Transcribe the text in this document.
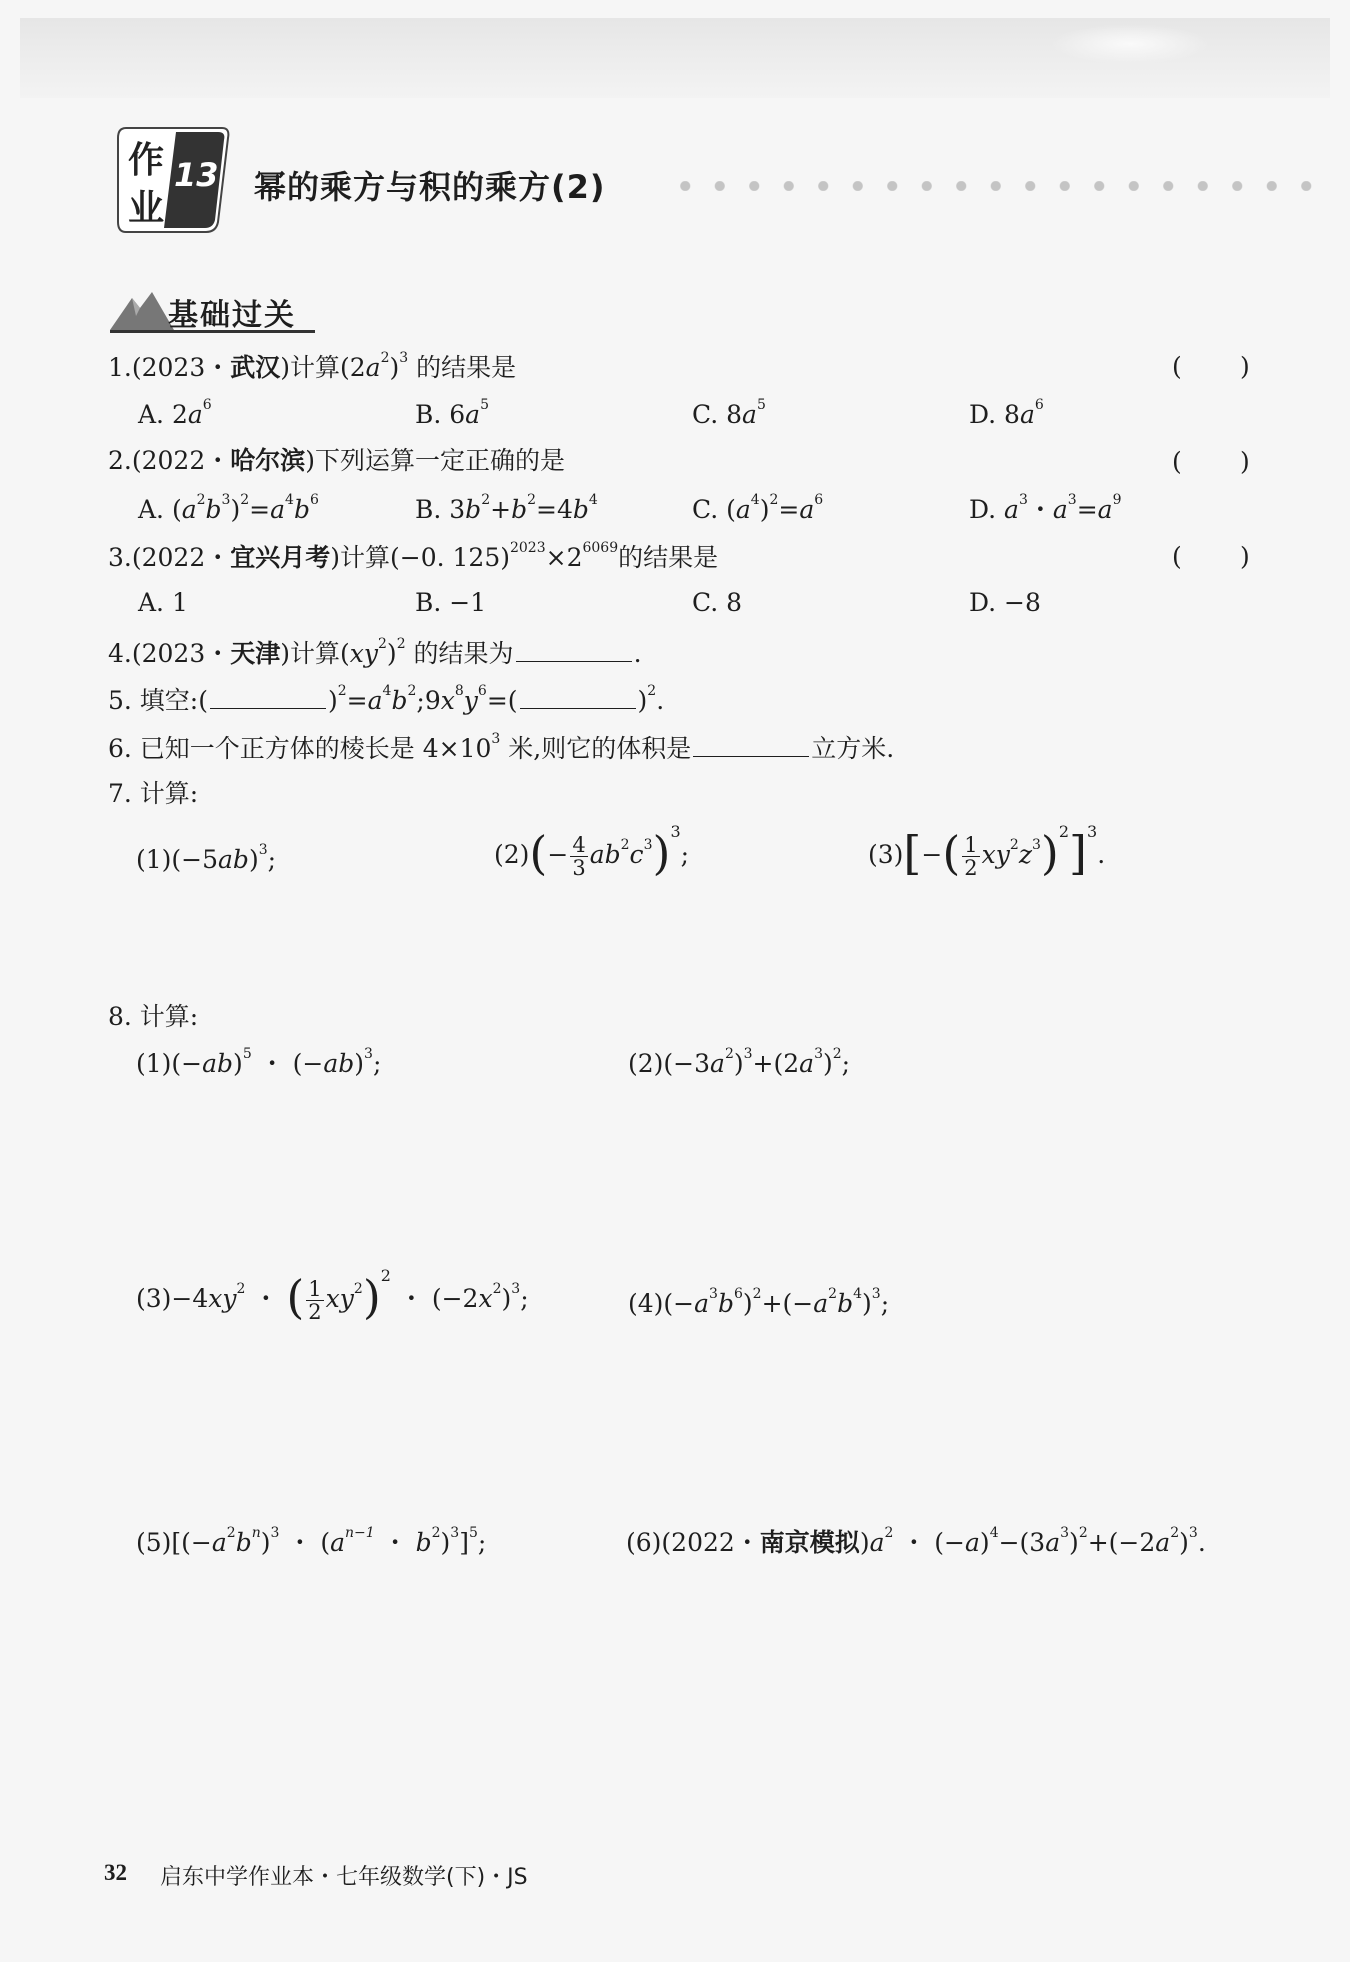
作
业
13 幂的乘方与积的乘方(2)
基础过关
1.(2023・武汉)计算$(2a^2)^3$ 的结果是	( )
A. $2a^6$	B. $6a^5$	C. $8a^5$	D. $8a^6$
2.(2022・哈尔滨)下列运算一定正确的是	( )
A. $(a^2b^3)^2=a^4b^6$	B. $3b^2+b^2=4b^4$	C. $(a^4)^2=a^6$	D. $a^3$・$a^3=a^9$
3.(2022・宜兴月考)计算(−0. $125)^{2023}\times 2^{6069}$的结果是	( )
A. 1	B. −1	C. 8	D. −8
4.(2023・天津)计算$(xy^2)^2$ 的结果为	.
5. 填空:(	)$^2=a^4b^2;9x^8y^6=$(	)$^2$.
6. 已知一个正方体的棱长是 $4\times 10^3$ 米,则它的体积是	立方米.
7. 计算:
$(1)(-5ab)^3$;	$(2)(- \frac{4}{3} ab^2c^3)^3$;	$(3)[-( \frac{1}{2} xy^2z^3)^2]^3$.
8. 计算:
$(1)(-ab)^5$ ・ $(-ab)^3$;	$(2)(-3a^2)^3+(2a^3)^2$;
$(3)-4xy^2$ ・ ( $\frac{1}{2} xy^2)^2$ ・ $(-2x^2)^3$;	$(4)(-a^3b^6)^2+(-a^2b^4)^3$;
$(5)[(-a^2b^n)^3$ ・ ($a^{n-1}$ ・ $b^2)^3]^5$;	(6)(2022・南京模拟)$a^2$ ・ $(-a)^4-(3a^3)^2+(-2a^2)^3$.
32 启东中学作业本・七年级数学(下)・JS
